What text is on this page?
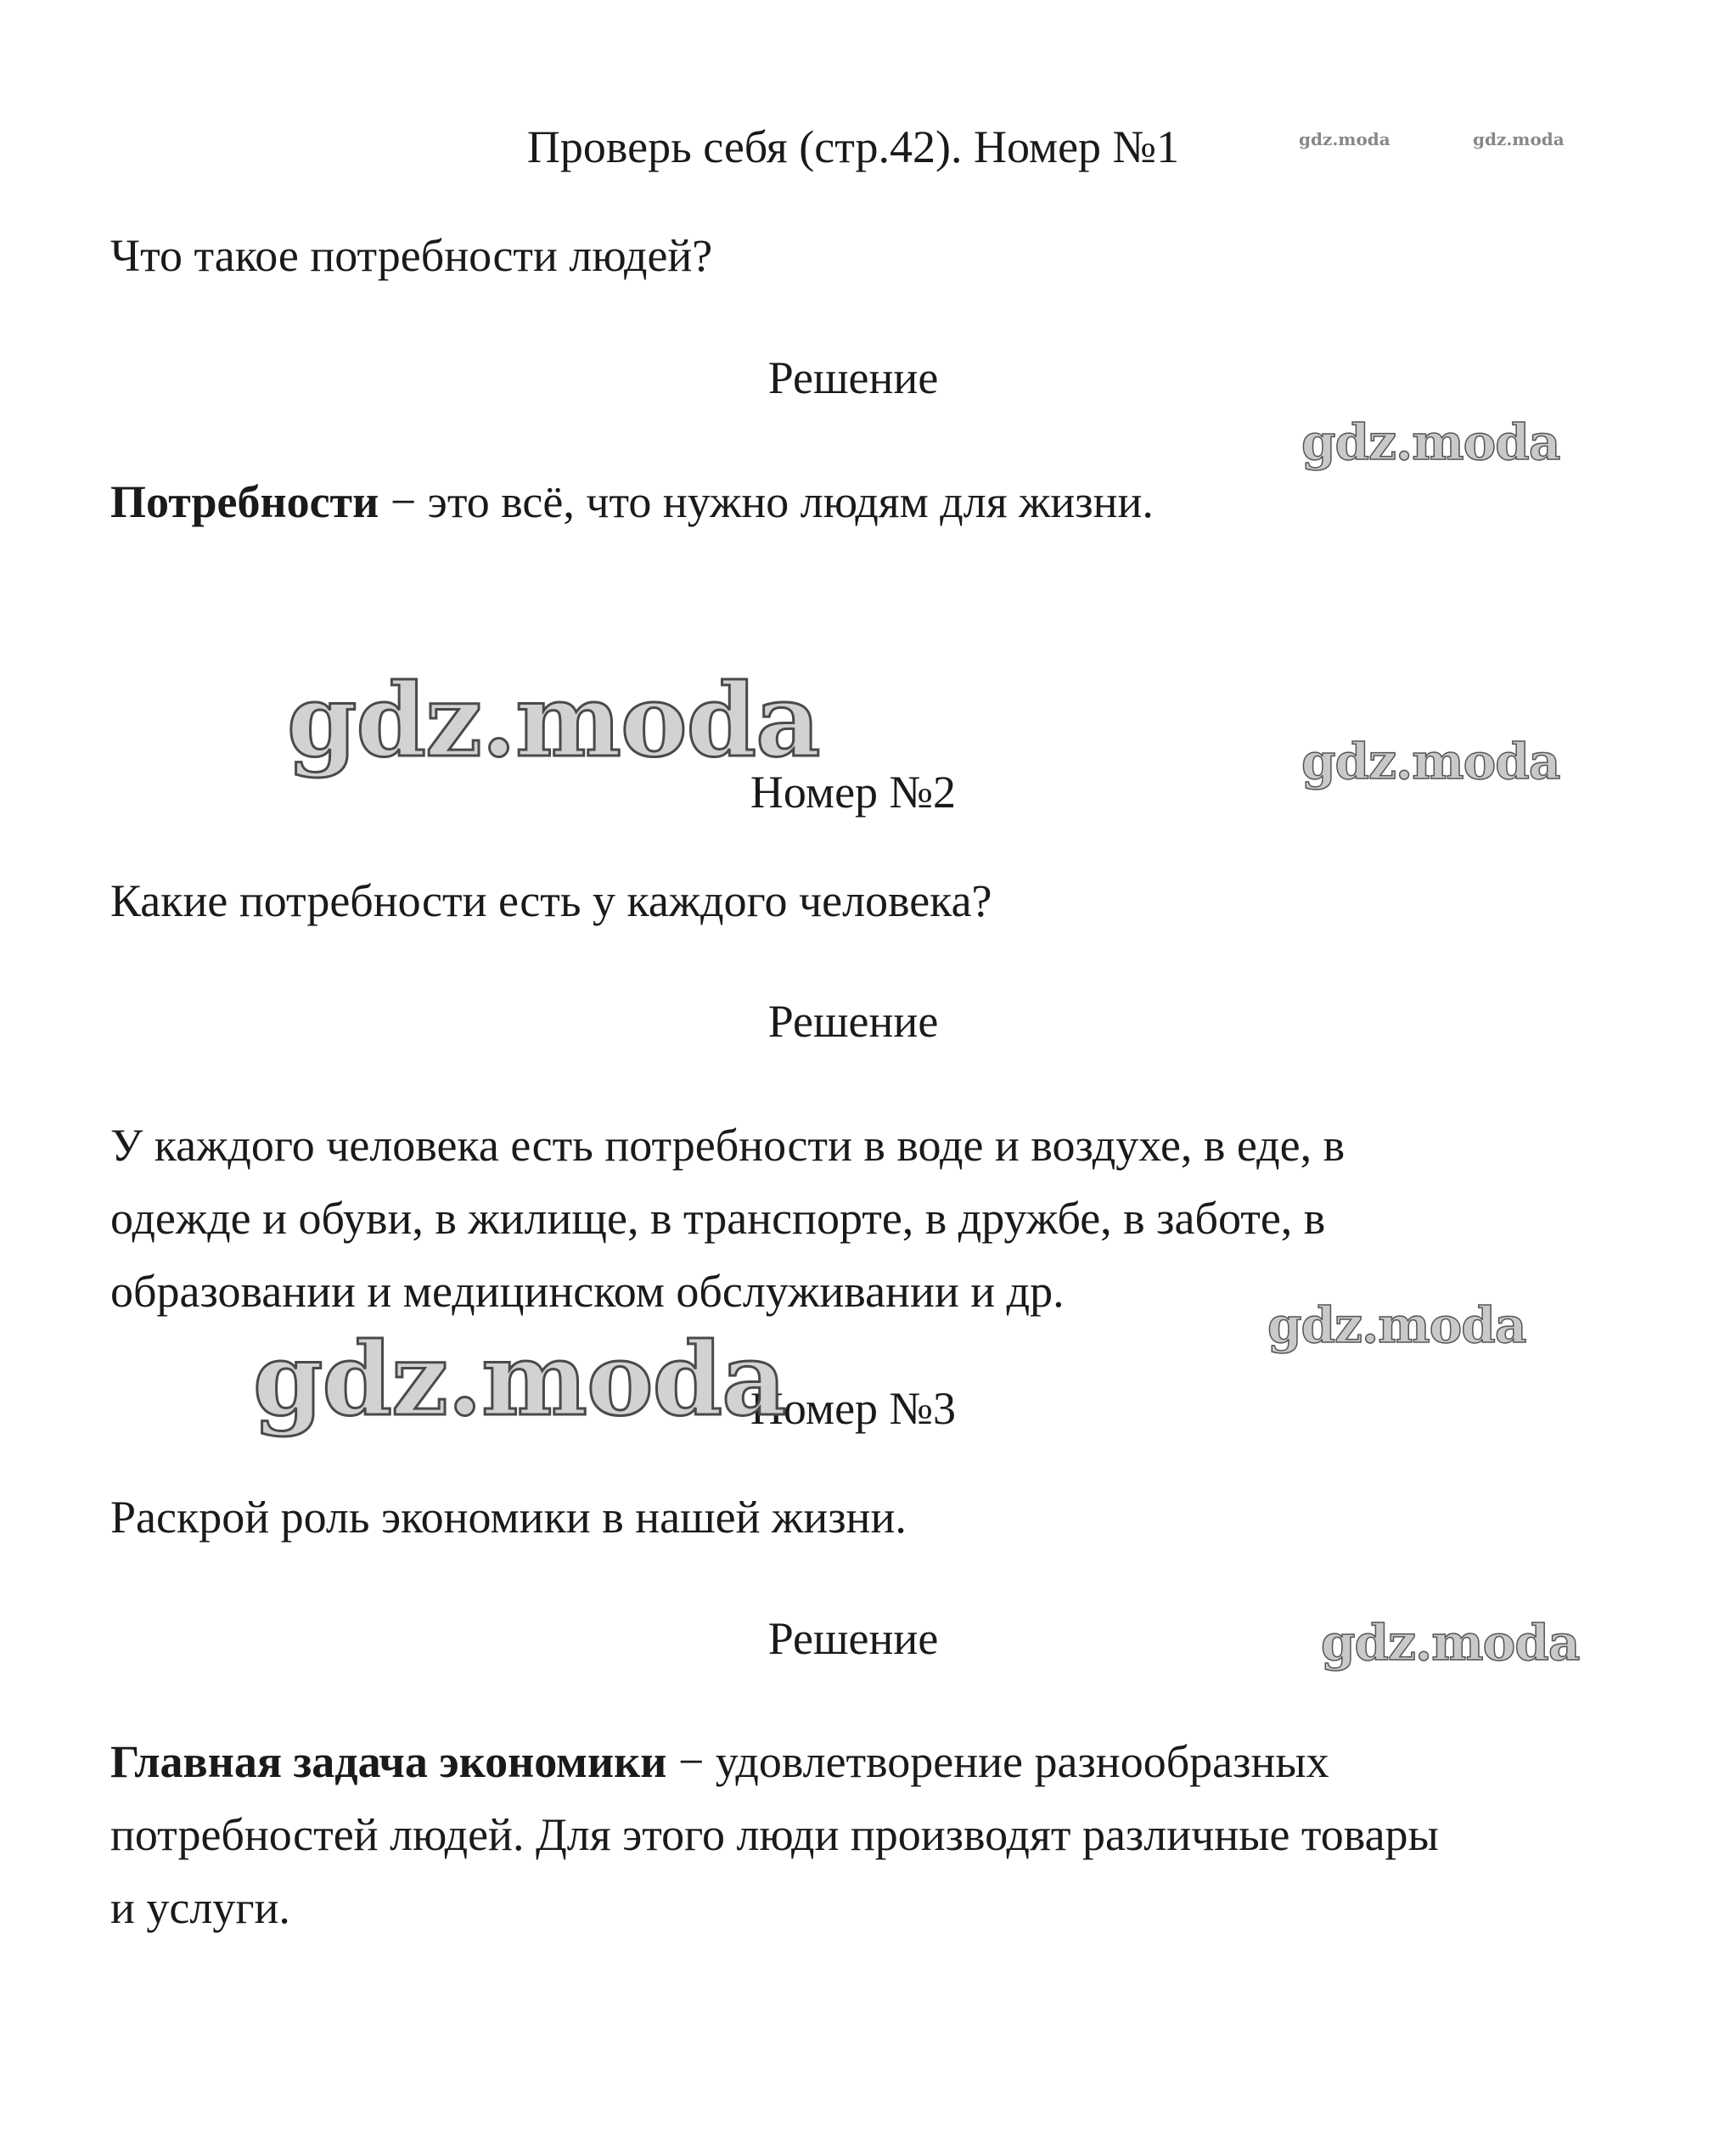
Проверь себя (стр.42). Номер №1
Что такое потребности людей?
Решение
Потребности − это всё, что нужно людям для жизни.
Номер №2
Какие потребности есть у каждого человека?
Решение
У каждого человека есть потребности в воде и воздухе, в еде, в
одежде и обуви, в жилище, в транспорте, в дружбе, в заботе, в
образовании и медицинском обслуживании и др.
Номер №3
Раскрой роль экономики в нашей жизни.
Решение
Главная задача экономики − удовлетворение разнообразных
потребностей людей. Для этого люди производят различные товары
и услуги.
gdz.moda	gdz.moda
gdz.moda
gdz.moda	gdz.moda
gdz.moda
gdz.moda
gdz.moda
